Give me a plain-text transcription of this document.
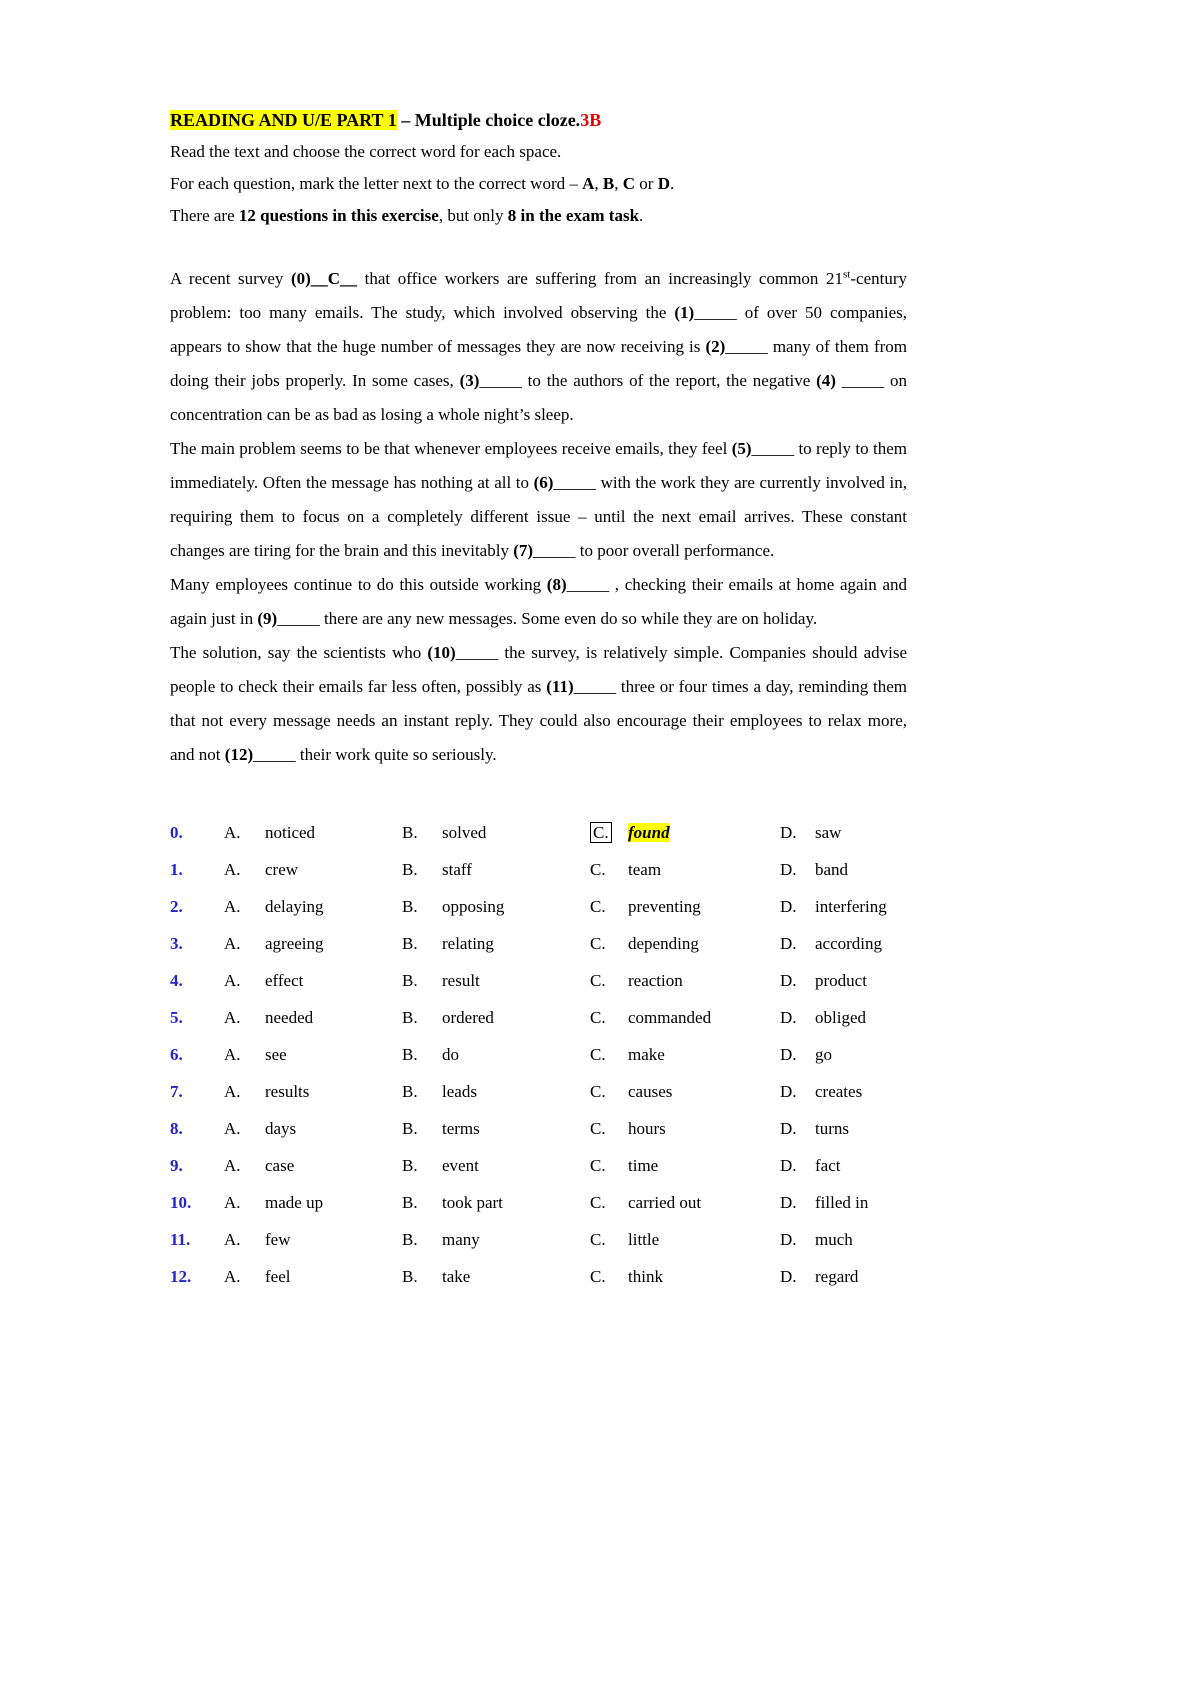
READING AND U/E PART 1 – Multiple choice cloze.3B
Read the text and choose the correct word for each space.
For each question, mark the letter next to the correct word – A, B, C or D.
There are 12 questions in this exercise, but only 8 in the exam task.

A recent survey (0)__C__ that office workers are suffering from an increasingly common 21st-century problem: too many emails. The study, which involved observing the (1)_____ of over 50 companies, appears to show that the huge number of messages they are now receiving is (2)_____ many of them from doing their jobs properly. In some cases, (3)_____ to the authors of the report, the negative (4) _____ on concentration can be as bad as losing a whole night’s sleep.

The main problem seems to be that whenever employees receive emails, they feel (5)_____ to reply to them immediately. Often the message has nothing at all to (6)_____ with the work they are currently involved in, requiring them to focus on a completely different issue – until the next email arrives. These constant changes are tiring for the brain and this inevitably (7)_____ to poor overall performance.

Many employees continue to do this outside working (8)_____ , checking their emails at home again and again just in (9)_____ there are any new messages. Some even do so while they are on holiday.

The solution, say the scientists who (10)_____ the survey, is relatively simple. Companies should advise people to check their emails far less often, possibly as (11)_____ three or four times a day, reminding them that not every message needs an instant reply. They could also encourage their employees to relax more, and not (12)_____ their work quite so seriously.

0.	A.	noticed	B.	solved	C.	found	D.	saw
1.	A.	crew	B.	staff	C.	team	D.	band
2.	A.	delaying	B.	opposing	C.	preventing	D.	interfering
3.	A.	agreeing	B.	relating	C.	depending	D.	according
4.	A.	effect	B.	result	C.	reaction	D.	product
5.	A.	needed	B.	ordered	C.	commanded	D.	obliged
6.	A.	see	B.	do	C.	make	D.	go
7.	A.	results	B.	leads	C.	causes	D.	creates
8.	A.	days	B.	terms	C.	hours	D.	turns
9.	A.	case	B.	event	C.	time	D.	fact
10.	A.	made up	B.	took part	C.	carried out	D.	filled in
11.	A.	few	B.	many	C.	little	D.	much
12.	A.	feel	B.	take	C.	think	D.	regard
